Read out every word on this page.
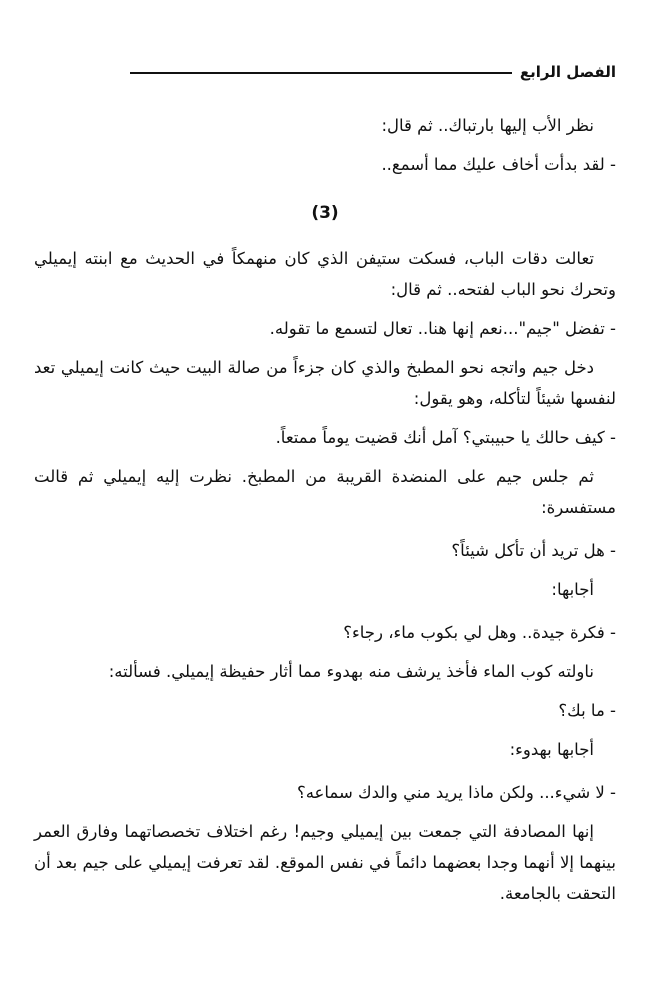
الفصل الرابع

نظر الأب إليها بارتباك.. ثم قال:

- لقد بدأت أخاف عليك مما أسمع..

(3)

تعالت دقات الباب، فسكت ستيفن الذي كان منهمكاً في الحديث مع ابنته إيميلي وتحرك نحو الباب لفتحه.. ثم قال:

- تفضل "جيم"...نعم إنها هنا.. تعال لتسمع ما تقوله.

دخل جيم واتجه نحو المطبخ والذي كان جزءاً من صالة البيت حيث كانت إيميلي تعد لنفسها شيئاً لتأكله، وهو يقول:

- كيف حالك يا حبيبتي؟ آمل أنك قضيت يوماً ممتعاً.

ثم جلس جيم على المنضدة القريبة من المطبخ. نظرت إليه إيميلي ثم قالت مستفسرة:

- هل تريد أن تأكل شيئاً؟

أجابها:

- فكرة جيدة.. وهل لي بكوب ماء، رجاء؟

ناولته كوب الماء فأخذ يرشف منه بهدوء مما أثار حفيظة إيميلي. فسألته:

- ما بك؟

أجابها بهدوء:

- لا شيء... ولكن ماذا يريد مني والدك سماعه؟

إنها المصادفة التي جمعت بين إيميلي وجيم! رغم اختلاف تخصصاتهما وفارق العمر بينهما إلا أنهما وجدا بعضهما دائماً في نفس الموقع. لقد تعرفت إيميلي على جيم بعد أن التحقت بالجامعة.
